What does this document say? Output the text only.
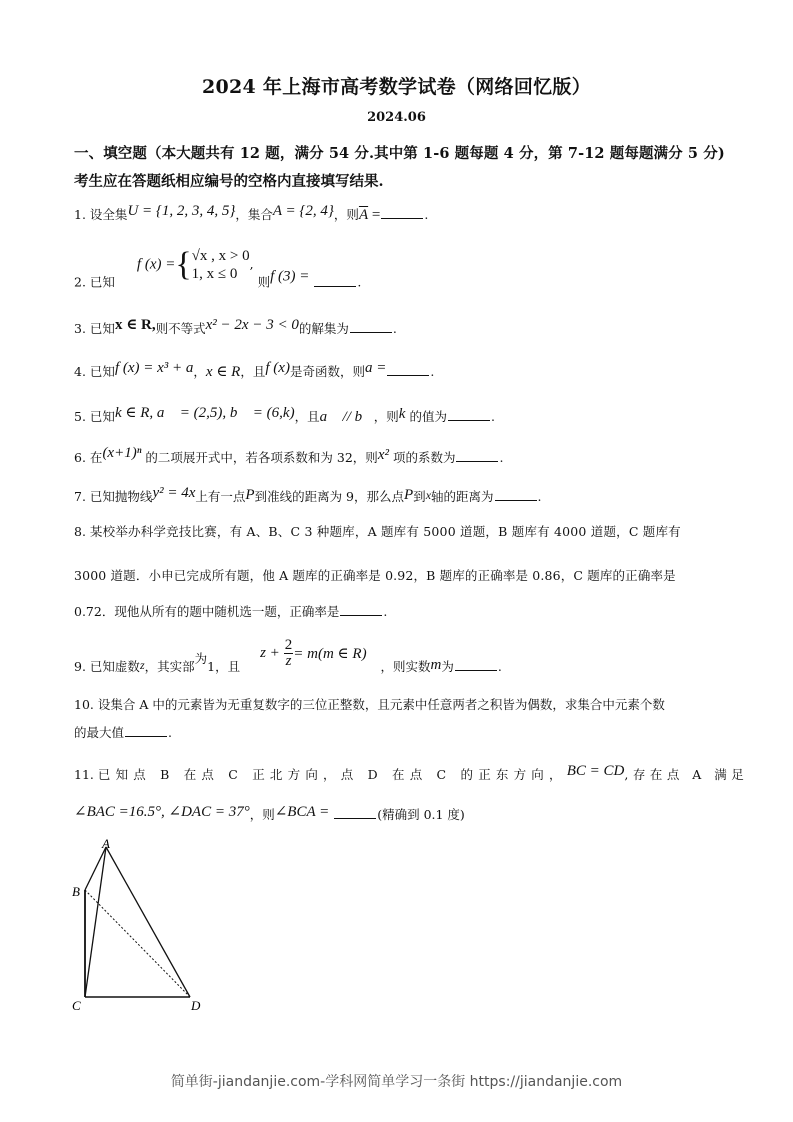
2024 年上海市高考数学试卷（网络回忆版）
2024.06
一、填空题（本大题共有 12 题，满分 54 分.其中第 1-6 题每题 4 分，第 7-12 题每题满分 5 分)
考生应在答题纸相应编号的空格内直接填写结果.
1. 设全集U = {1, 2, 3, 4, 5}，集合A = {2, 4}，则$\overline{A}$ =	.
2. 已知  f (x) ={ √x , x > 0
1, x ≤ 0
, 则f (3) =	.
3. 已知x ∈ R,则不等式x² − 2x − 3 < 0的解集为	.
4. 已知f (x) = x³ + a，x ∈ R，且f (x)是奇函数，则a =	.
5. 已知k ∈ R, a⃗ = (2,5), b⃗ = (6,k)，且a⃗ // b⃗，则k 的值为	.
6. 在(x+1)ⁿ 的二项展开式中，若各项系数和为 32，则x² 项的系数为	.
7. 已知抛物线y² = 4x上有一点P到准线的距离为 9，那么点P到x轴的距离为	.
8. 某校举办科学竞技比赛，有 A、B、C 3 种题库，A 题库有 5000 道题，B 题库有 4000 道题，C 题库有
3000 道题．小申已完成所有题，他 A 题库的正确率是 0.92，B 题库的正确率是 0.86，C 题库的正确率是
0.72．现他从所有的题中随机选一题，正确率是	.
9. 已知虚数z，其实部为1，且  $z + \frac{2}{z} = m(m$ ∈ R)  ，则实数m为	.
10. 设集合 A 中的元素皆为无重复数字的三位正整数，且元素中任意两者之积皆为偶数，求集合中元素个数
的最大值	.
11. 已知点 B 在点 C 正北方向，点 D 在点 C 的正东方向，BC = CD,存在点 A 满足
∠BAC =16.5°, ∠DAC = 37°，则∠BCA =	(精确到 0.1 度)
A
B
C	D
简单街-jiandanjie.com-学科网简单学习一条街 https://jiandanjie.com
